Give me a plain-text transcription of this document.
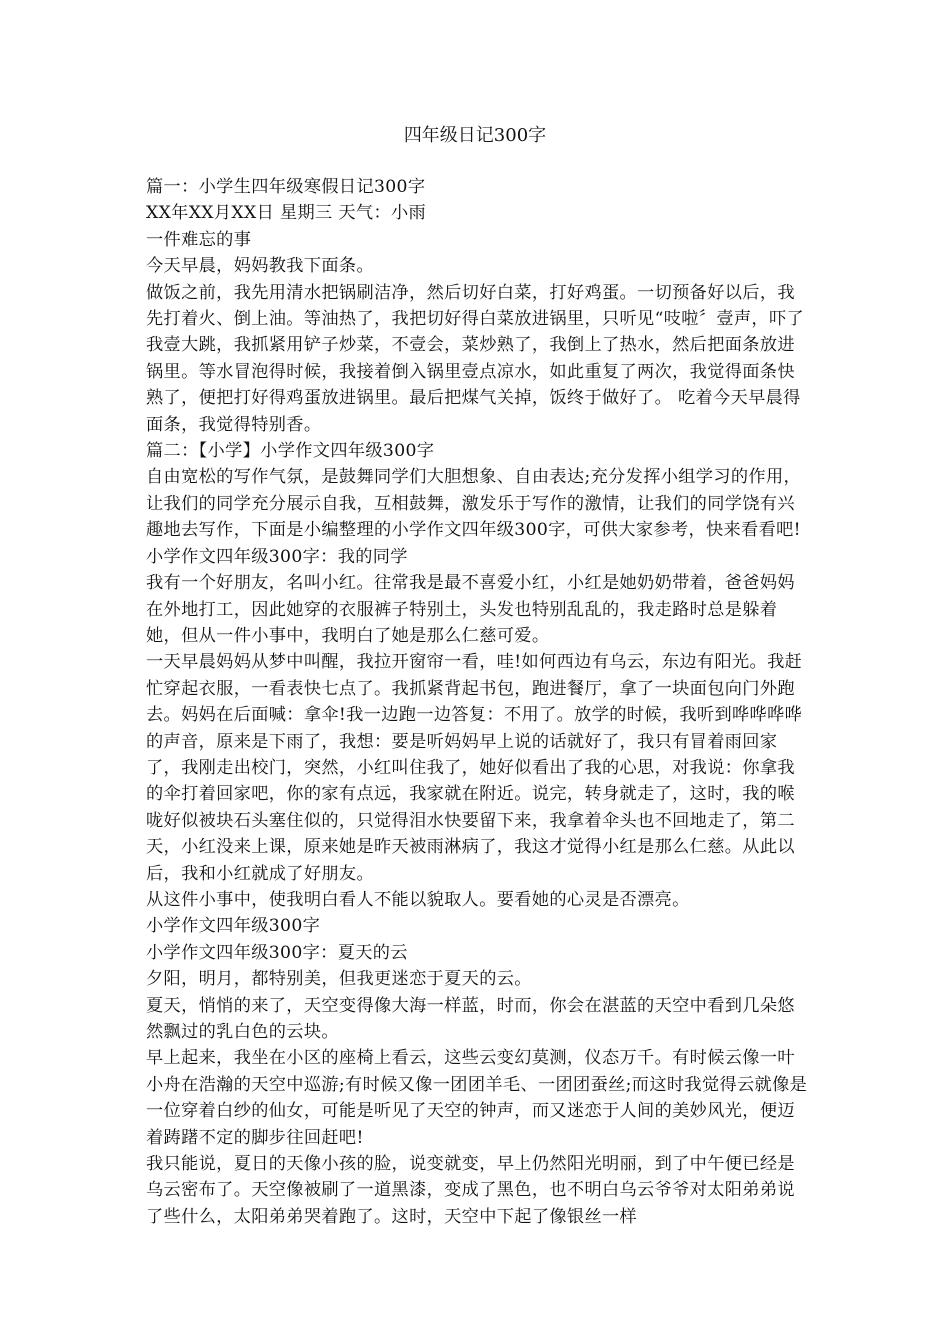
四年级日记300字

篇一：小学生四年级寒假日记300字

XX年XX月XX日 星期三 天气：小雨

一件难忘的事

今天早晨，妈妈教我下面条。

做饭之前，我先用清水把锅刷洁净，然后切好白菜，打好鸡蛋。一切预备好以后，我先打着火、倒上油。等油热了，我把切好得白菜放进锅里，只听见“吱啦〞壹声，吓了我壹大跳，我抓紧用铲子炒菜，不壹会，菜炒熟了，我倒上了热水，然后把面条放进锅里。等水冒泡得时候，我接着倒入锅里壹点凉水，如此重复了两次，我觉得面条快熟了，便把打好得鸡蛋放进锅里。最后把煤气关掉，饭终于做好了。 吃着今天早晨得面条，我觉得特别香。

篇二：【小学】小学作文四年级300字

自由宽松的写作气氛，是鼓舞同学们大胆想象、自由表达;充分发挥小组学习的作用，让我们的同学充分展示自我，互相鼓舞，激发乐于写作的激情，让我们的同学饶有兴趣地去写作，下面是小编整理的小学作文四年级300字，可供大家参考，快来看看吧!

小学作文四年级300字：我的同学

我有一个好朋友，名叫小红。往常我是最不喜爱小红，小红是她奶奶带着，爸爸妈妈在外地打工，因此她穿的衣服裤子特别土，头发也特别乱乱的，我走路时总是躲着她，但从一件小事中，我明白了她是那么仁慈可爱。

一天早晨妈妈从梦中叫醒，我拉开窗帘一看，哇!如何西边有乌云，东边有阳光。我赶忙穿起衣服，一看表快七点了。我抓紧背起书包，跑进餐厅，拿了一块面包向门外跑去。妈妈在后面喊：拿伞!我一边跑一边答复：不用了。放学的时候，我听到哗哗哗哗的声音，原来是下雨了，我想：要是听妈妈早上说的话就好了，我只有冒着雨回家了，我刚走出校门，突然，小红叫住我了，她好似看出了我的心思，对我说：你拿我的伞打着回家吧，你的家有点远，我家就在附近。说完，转身就走了，这时，我的喉咙好似被块石头塞住似的，只觉得泪水快要留下来，我拿着伞头也不回地走了，第二天，小红没来上课，原来她是昨天被雨淋病了，我这才觉得小红是那么仁慈。从此以后，我和小红就成了好朋友。

从这件小事中，使我明白看人不能以貌取人。要看她的心灵是否漂亮。

小学作文四年级300字

小学作文四年级300字：夏天的云

夕阳，明月，都特别美，但我更迷恋于夏天的云。

夏天，悄悄的来了，天空变得像大海一样蓝，时而，你会在湛蓝的天空中看到几朵悠然飘过的乳白色的云块。

早上起来，我坐在小区的座椅上看云，这些云变幻莫测，仪态万千。有时候云像一叶小舟在浩瀚的天空中巡游;有时候又像一团团羊毛、一团团蚕丝;而这时我觉得云就像是一位穿着白纱的仙女，可能是听见了天空的钟声，而又迷恋于人间的美妙风光，便迈着踌躇不定的脚步往回赶吧!

我只能说，夏日的天像小孩的脸，说变就变，早上仍然阳光明丽，到了中午便已经是乌云密布了。天空像被刷了一道黑漆，变成了黑色，也不明白乌云爷爷对太阳弟弟说了些什么，太阳弟弟哭着跑了。这时，天空中下起了像银丝一样
